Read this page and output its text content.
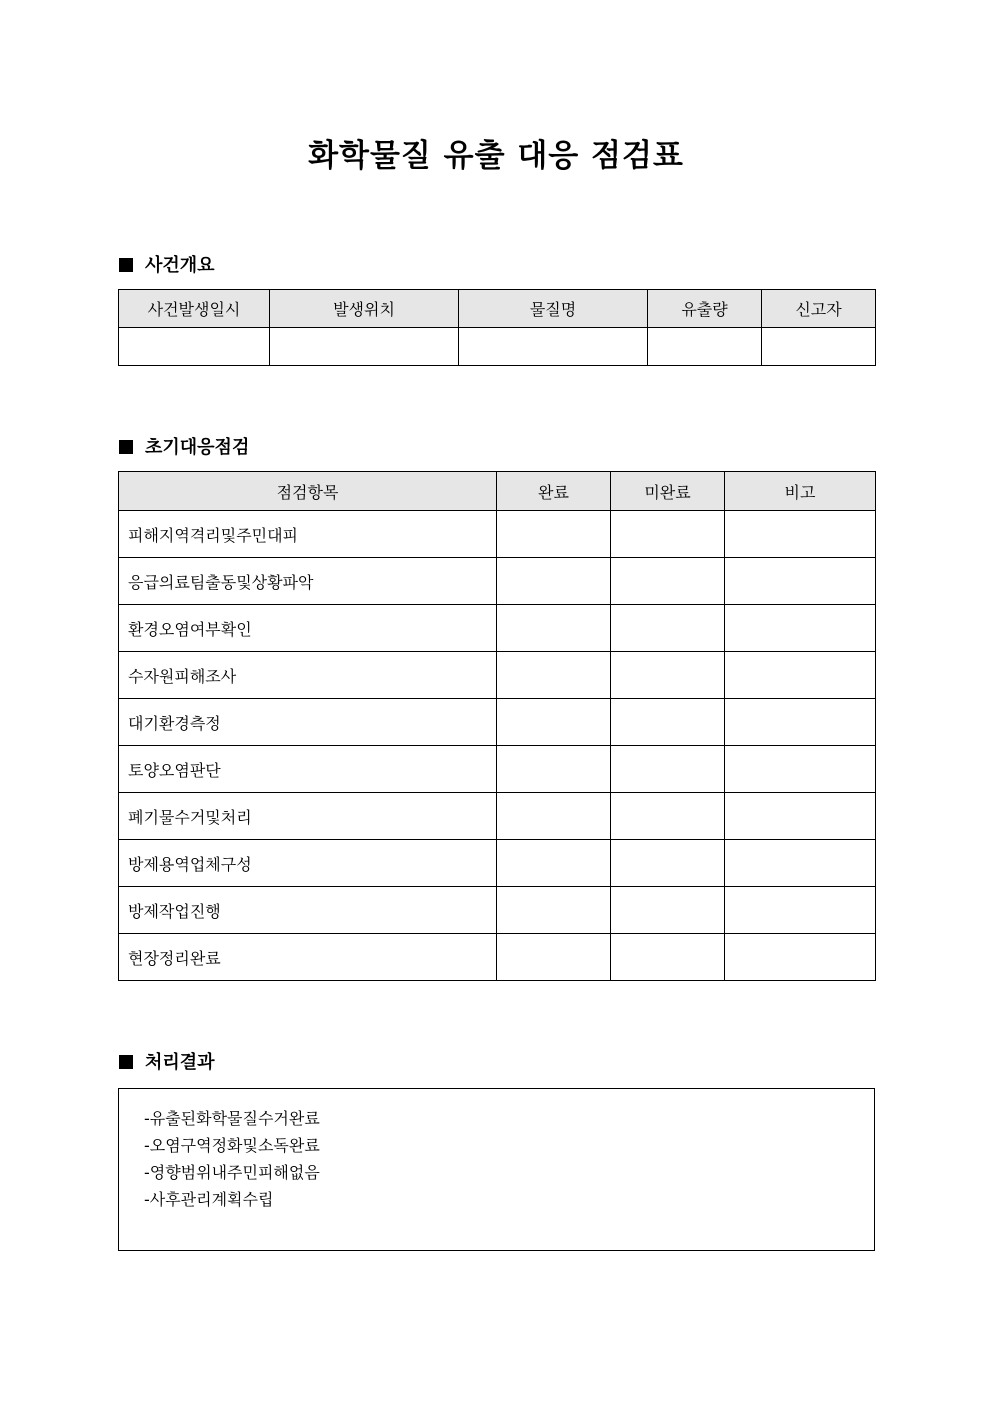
화학물질 유출 대응 점검표
사건개요
사건발생일시	발생위치	물질명	유출량	신고자

초기대응점검
점검항목	완료	미완료	비고
피해지역격리및주민대피			
응급의료팀출동및상황파악			
환경오염여부확인			
수자원피해조사			
대기환경측정			
토양오염판단			
폐기물수거및처리			
방제용역업체구성			
방제작업진행			
현장정리완료			
처리결과
-유출된화학물질수거완료
-오염구역정화및소독완료
-영향범위내주민피해없음
-사후관리계획수립
